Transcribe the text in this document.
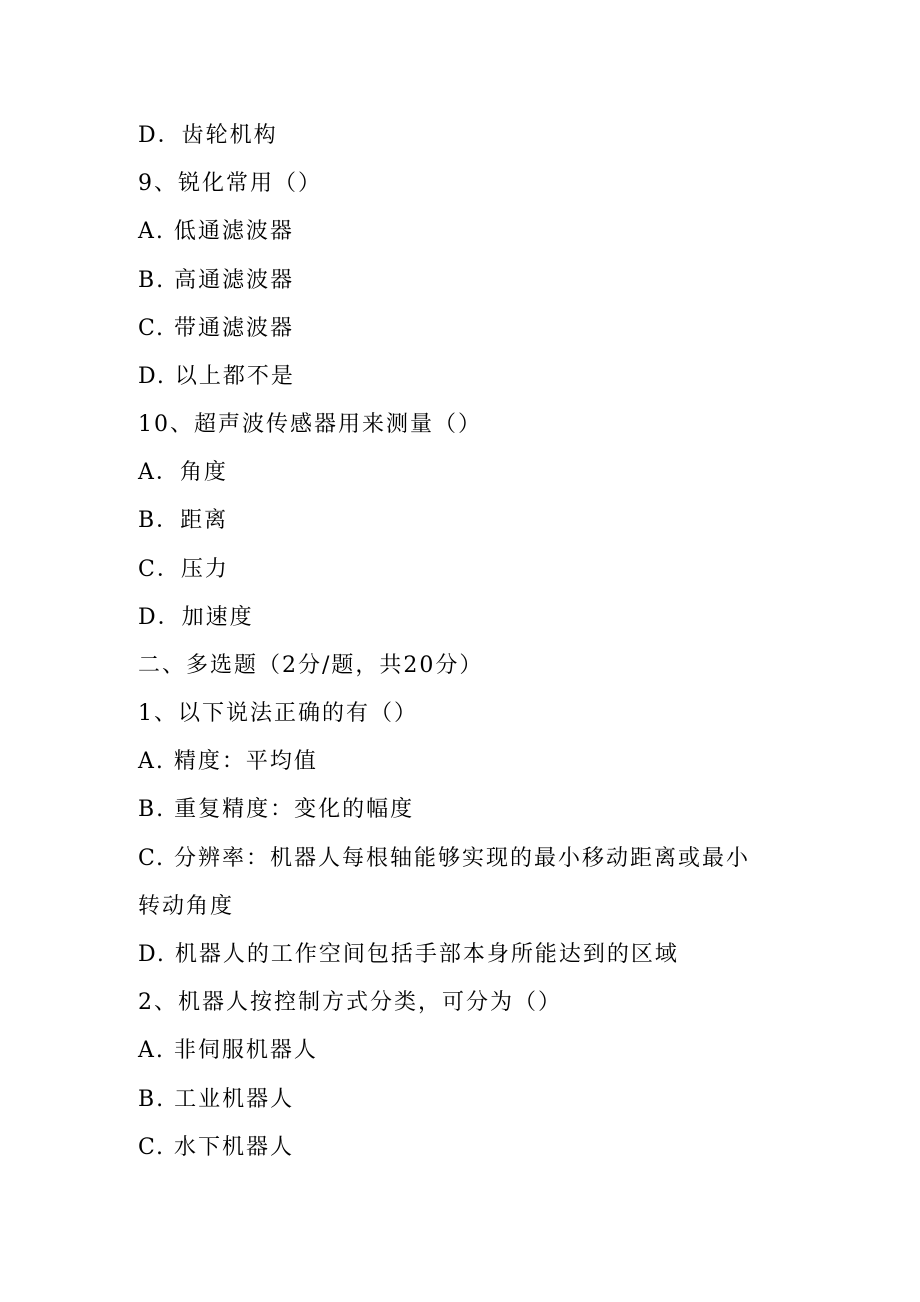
D．齿轮机构
9、锐化常用（）
A. 低通滤波器
B. 高通滤波器
C. 带通滤波器
D. 以上都不是
10、超声波传感器用来测量（）
A．角度
B．距离
C．压力
D．加速度
二、多选题（2分/题，共20分）
1、以下说法正确的有（）
A. 精度：平均值
B. 重复精度：变化的幅度
C. 分辨率：机器人每根轴能够实现的最小移动距离或最小
转动角度
D. 机器人的工作空间包括手部本身所能达到的区域
2、机器人按控制方式分类，可分为（）
A. 非伺服机器人
B. 工业机器人
C. 水下机器人
